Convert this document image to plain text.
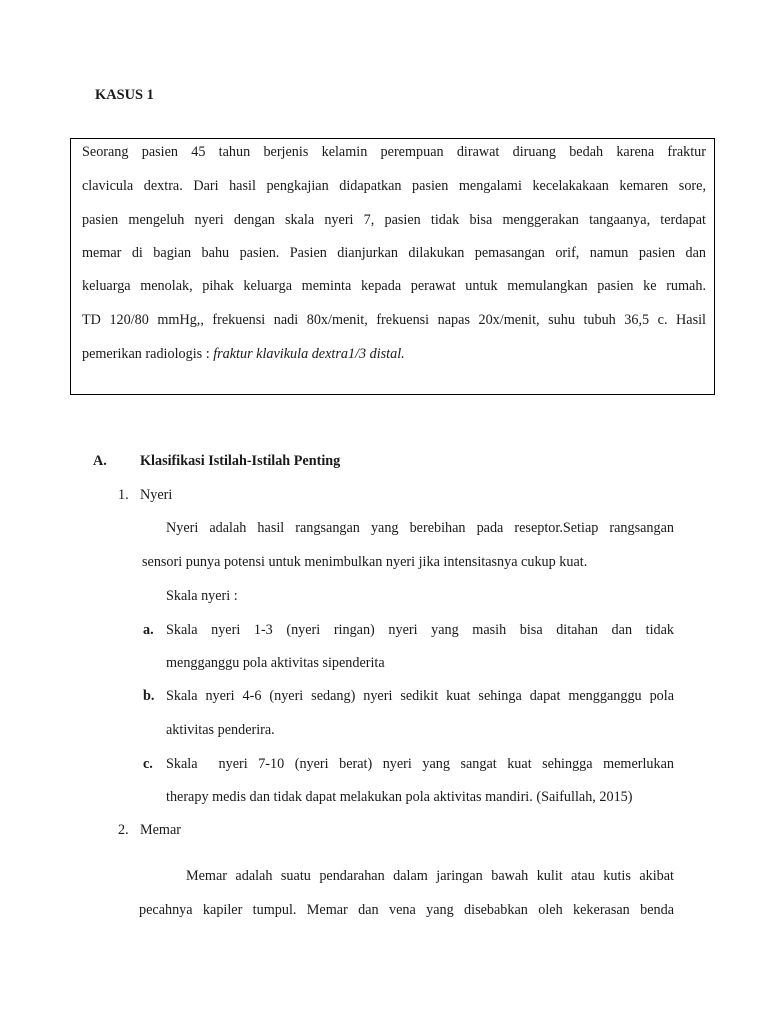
KASUS 1
Seorang pasien 45 tahun berjenis kelamin perempuan dirawat diruang bedah karena fraktur
clavicula dextra. Dari hasil pengkajian didapatkan pasien mengalami kecelakakaan kemaren sore,
pasien mengeluh nyeri dengan skala nyeri 7, pasien tidak bisa menggerakan tangaanya, terdapat
memar di bagian bahu pasien. Pasien dianjurkan dilakukan pemasangan orif, namun pasien dan
keluarga menolak, pihak keluarga meminta kepada perawat untuk memulangkan pasien ke rumah.
TD 120/80 mmHg,, frekuensi nadi 80x/menit, frekuensi napas 20x/menit, suhu tubuh 36,5 c. Hasil
pemerikan radiologis : fraktur klavikula dextra1/3 distal.
A. Klasifikasi Istilah-Istilah Penting
1. Nyeri
Nyeri adalah hasil rangsangan yang berebihan pada reseptor.Setiap rangsangan
sensori punya potensi untuk menimbulkan nyeri jika intensitasnya cukup kuat.
Skala nyeri :
a. Skala nyeri 1-3 (nyeri ringan) nyeri yang masih bisa ditahan dan tidak
mengganggu pola aktivitas sipenderita
b. Skala nyeri 4-6 (nyeri sedang) nyeri sedikit kuat sehinga dapat mengganggu pola
aktivitas penderira.
c. Skala  nyeri 7-10 (nyeri berat) nyeri yang sangat kuat sehingga memerlukan
therapy medis dan tidak dapat melakukan pola aktivitas mandiri. (Saifullah, 2015)
2. Memar
Memar adalah suatu pendarahan dalam jaringan bawah kulit atau kutis akibat
pecahnya kapiler tumpul. Memar dan vena yang disebabkan oleh kekerasan benda
